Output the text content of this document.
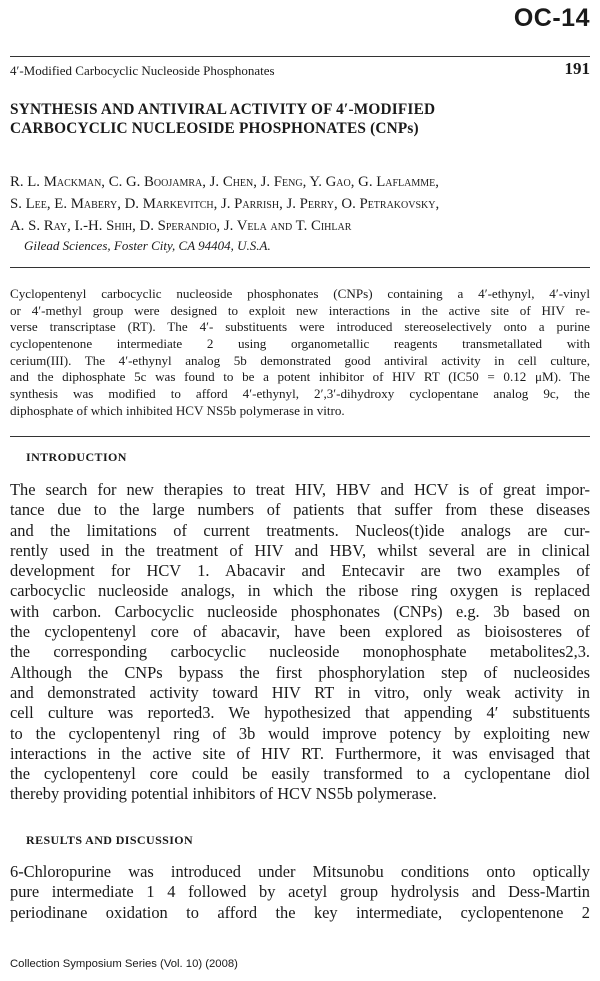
OC-14
4′-Modified Carbocyclic Nucleoside Phosphonates	191
SYNTHESIS AND ANTIVIRAL ACTIVITY OF 4′-MODIFIED
CARBOCYCLIC NUCLEOSIDE PHOSPHONATES (CNPs)
R. L. Mackman, C. G. Boojamra, J. Chen, J. Feng, Y. Gao, G. Laflamme,
S. Lee, E. Mabery, D. Markevitch, J. Parrish, J. Perry, O. Petrakovsky,
A. S. Ray, I.-H. Shih, D. Sperandio, J. Vela and T. Cihlar
Gilead Sciences, Foster City, CA 94404, U.S.A.
Cyclopentenyl carbocyclic nucleoside phosphonates (CNPs) containing a 4′-ethynyl, 4′-vinyl
or 4′-methyl group were designed to exploit new interactions in the active site of HIV re-
verse transcriptase (RT). The 4′- substituents were introduced stereoselectively onto a purine
cyclopentenone intermediate 2 using organometallic reagents transmetallated with
cerium(III). The 4′-ethynyl analog 5b demonstrated good antiviral activity in cell culture,
and the diphosphate 5c was found to be a potent inhibitor of HIV RT (IC50 = 0.12 μM). The
synthesis was modified to afford 4′-ethynyl, 2′,3′-dihydroxy cyclopentane analog 9c, the
diphosphate of which inhibited HCV NS5b polymerase in vitro.
INTRODUCTION
The search for new therapies to treat HIV, HBV and HCV is of great impor-
tance due to the large numbers of patients that suffer from these diseases
and the limitations of current treatments. Nucleos(t)ide analogs are cur-
rently used in the treatment of HIV and HBV, whilst several are in clinical
development for HCV 1. Abacavir and Entecavir are two examples of
carbocyclic nucleoside analogs, in which the ribose ring oxygen is replaced
with carbon. Carbocyclic nucleoside phosphonates (CNPs) e.g. 3b based on
the cyclopentenyl core of abacavir, have been explored as bioisosteres of
the corresponding carbocyclic nucleoside monophosphate metabolites2,3.
Although the CNPs bypass the first phosphorylation step of nucleosides
and demonstrated activity toward HIV RT in vitro, only weak activity in
cell culture was reported3. We hypothesized that appending 4′ substituents
to the cyclopentenyl ring of 3b would improve potency by exploiting new
interactions in the active site of HIV RT. Furthermore, it was envisaged that
the cyclopentenyl core could be easily transformed to a cyclopentane diol
thereby providing potential inhibitors of HCV NS5b polymerase.
RESULTS AND DISCUSSION
6-Chloropurine was introduced under Mitsunobu conditions onto optically
pure intermediate 1 4 followed by acetyl group hydrolysis and Dess-Martin
periodinane oxidation to afford the key intermediate, cyclopentenone 2
Collection Symposium Series (Vol. 10) (2008)
